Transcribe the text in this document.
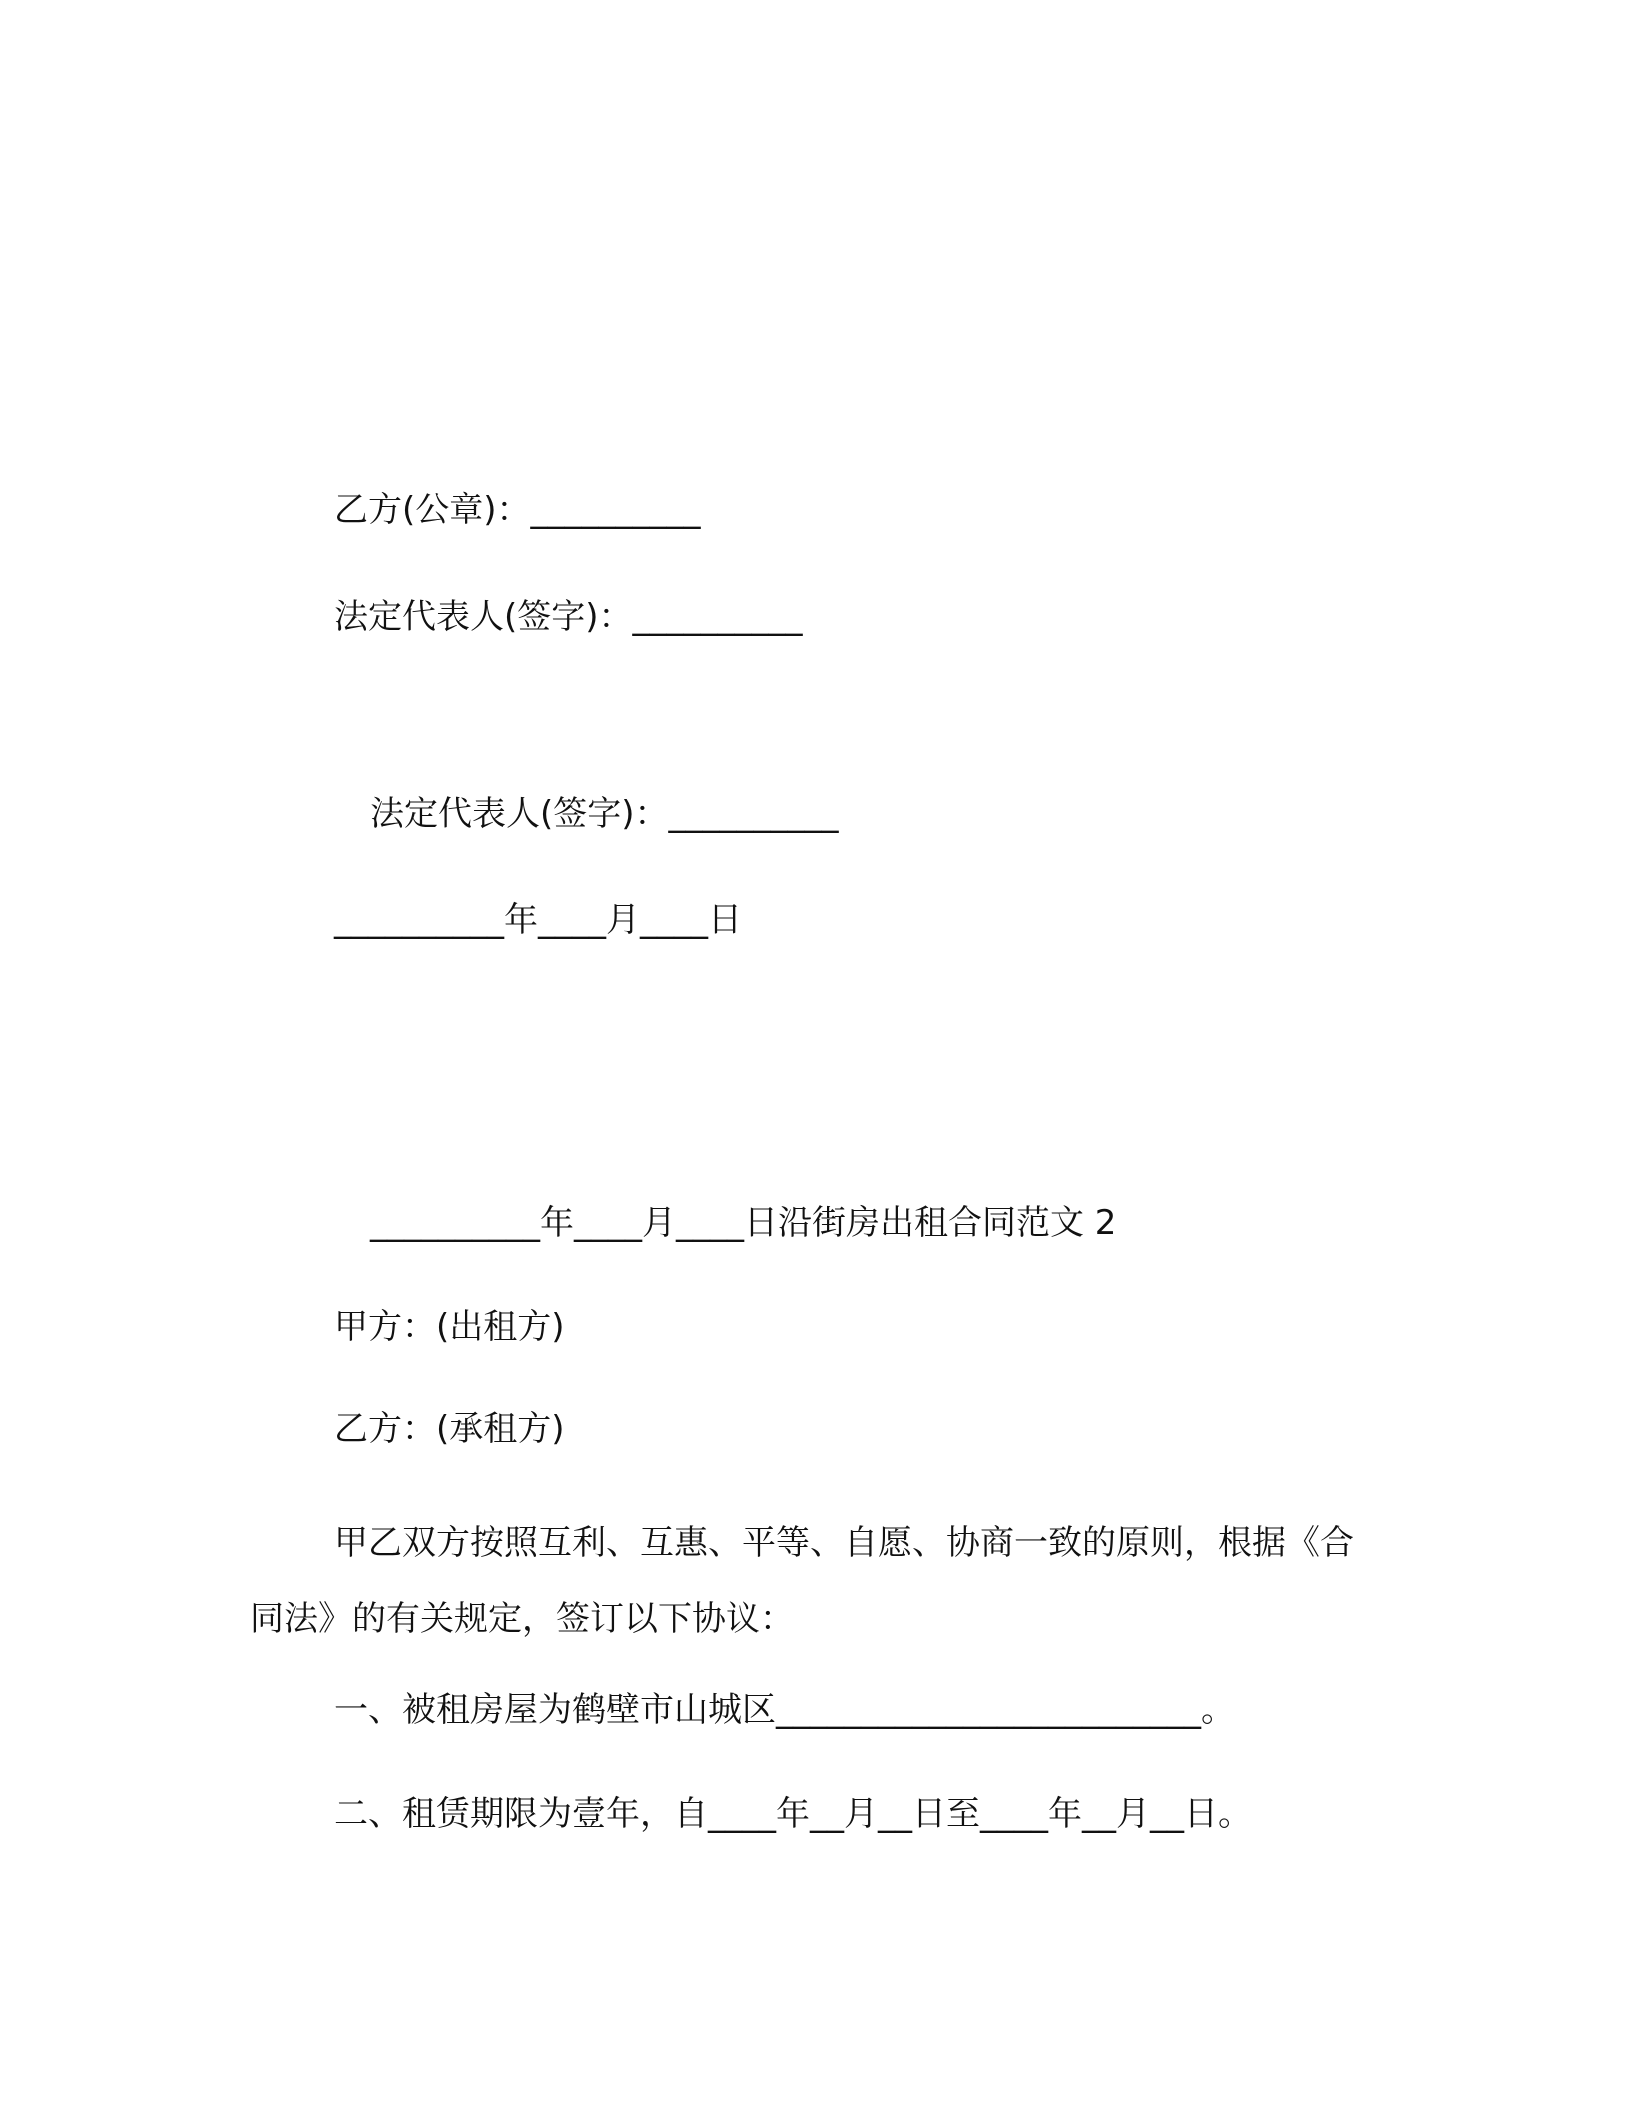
乙方(公章)：__________
法定代表人(签字)：__________
法定代表人(签字)：__________
__________年____月____日
__________年____月____日沿街房出租合同范文 2
甲方：(出租方)
乙方：(承租方)

甲乙双方按照互利、互惠、平等、自愿、协商一致的原则，根据《合同法》的有关规定，签订以下协议：

一、被租房屋为鹤壁市山城区_________________________。
二、租赁期限为壹年，自____年__月__日至____年__月__日。
